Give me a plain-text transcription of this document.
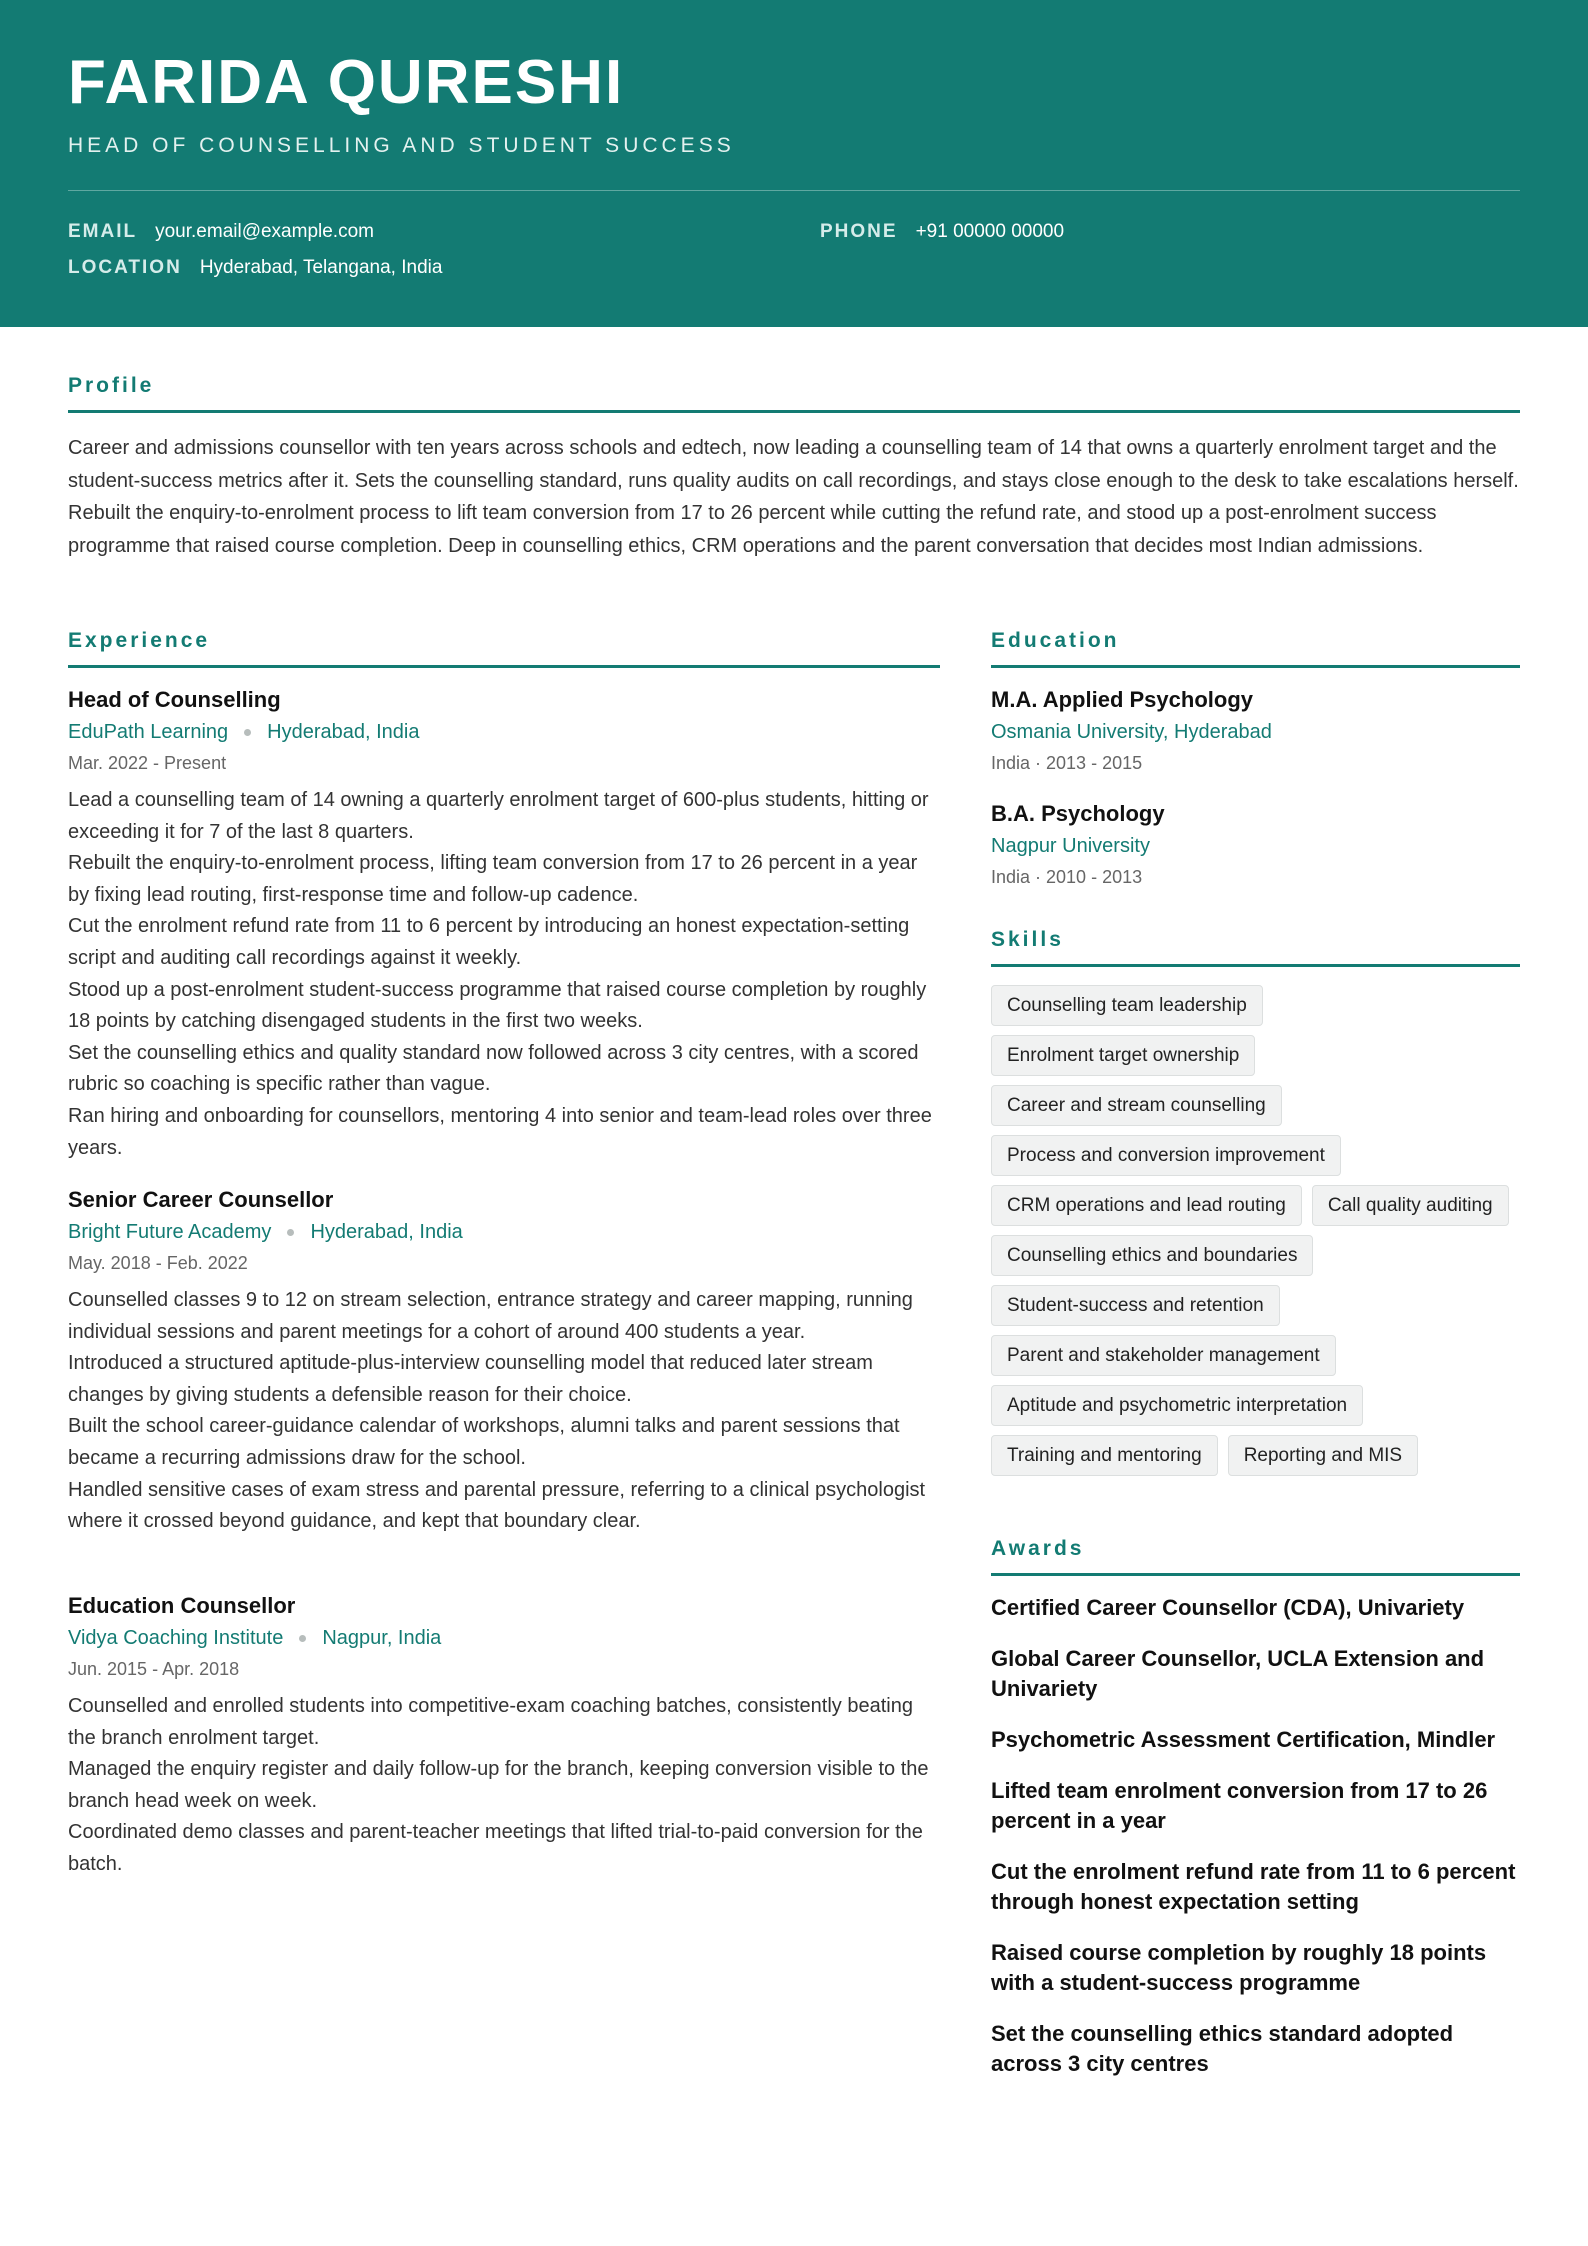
FARIDA QURESHI
HEAD OF COUNSELLING AND STUDENT SUCCESS
EMAIL your.email@example.com	PHONE +91 00000 00000
LOCATION Hyderabad, Telangana, India
Profile
Career and admissions counsellor with ten years across schools and edtech, now leading a counselling team of 14 that owns a quarterly enrolment target and the student-success metrics after it. Sets the counselling standard, runs quality audits on call recordings, and stays close enough to the desk to take escalations herself. Rebuilt the enquiry-to-enrolment process to lift team conversion from 17 to 26 percent while cutting the refund rate, and stood up a post-enrolment success programme that raised course completion. Deep in counselling ethics, CRM operations and the parent conversation that decides most Indian admissions.
Experience
Head of Counselling
EduPath Learning Hyderabad, India
Mar. 2022 - Present
Lead a counselling team of 14 owning a quarterly enrolment target of 600-plus students, hitting or exceeding it for 7 of the last 8 quarters.
Rebuilt the enquiry-to-enrolment process, lifting team conversion from 17 to 26 percent in a year by fixing lead routing, first-response time and follow-up cadence.
Cut the enrolment refund rate from 11 to 6 percent by introducing an honest expectation-setting script and auditing call recordings against it weekly.
Stood up a post-enrolment student-success programme that raised course completion by roughly 18 points by catching disengaged students in the first two weeks.
Set the counselling ethics and quality standard now followed across 3 city centres, with a scored rubric so coaching is specific rather than vague.
Ran hiring and onboarding for counsellors, mentoring 4 into senior and team-lead roles over three years.
Senior Career Counsellor
Bright Future Academy Hyderabad, India
May. 2018 - Feb. 2022
Counselled classes 9 to 12 on stream selection, entrance strategy and career mapping, running individual sessions and parent meetings for a cohort of around 400 students a year.
Introduced a structured aptitude-plus-interview counselling model that reduced later stream changes by giving students a defensible reason for their choice.
Built the school career-guidance calendar of workshops, alumni talks and parent sessions that became a recurring admissions draw for the school.
Handled sensitive cases of exam stress and parental pressure, referring to a clinical psychologist where it crossed beyond guidance, and kept that boundary clear.
Education Counsellor
Vidya Coaching Institute Nagpur, India
Jun. 2015 - Apr. 2018
Counselled and enrolled students into competitive-exam coaching batches, consistently beating the branch enrolment target.
Managed the enquiry register and daily follow-up for the branch, keeping conversion visible to the branch head week on week.
Coordinated demo classes and parent-teacher meetings that lifted trial-to-paid conversion for the batch.
Education
M.A. Applied Psychology
Osmania University, Hyderabad
India · 2013 - 2015
B.A. Psychology
Nagpur University
India · 2010 - 2013
Skills
Counselling team leadership
Enrolment target ownership
Career and stream counselling
Process and conversion improvement
CRM operations and lead routing	Call quality auditing
Counselling ethics and boundaries
Student-success and retention
Parent and stakeholder management
Aptitude and psychometric interpretation
Training and mentoring	Reporting and MIS
Awards
Certified Career Counsellor (CDA), Univariety
Global Career Counsellor, UCLA Extension and Univariety
Psychometric Assessment Certification, Mindler
Lifted team enrolment conversion from 17 to 26 percent in a year
Cut the enrolment refund rate from 11 to 6 percent through honest expectation setting
Raised course completion by roughly 18 points with a student-success programme
Set the counselling ethics standard adopted across 3 city centres
